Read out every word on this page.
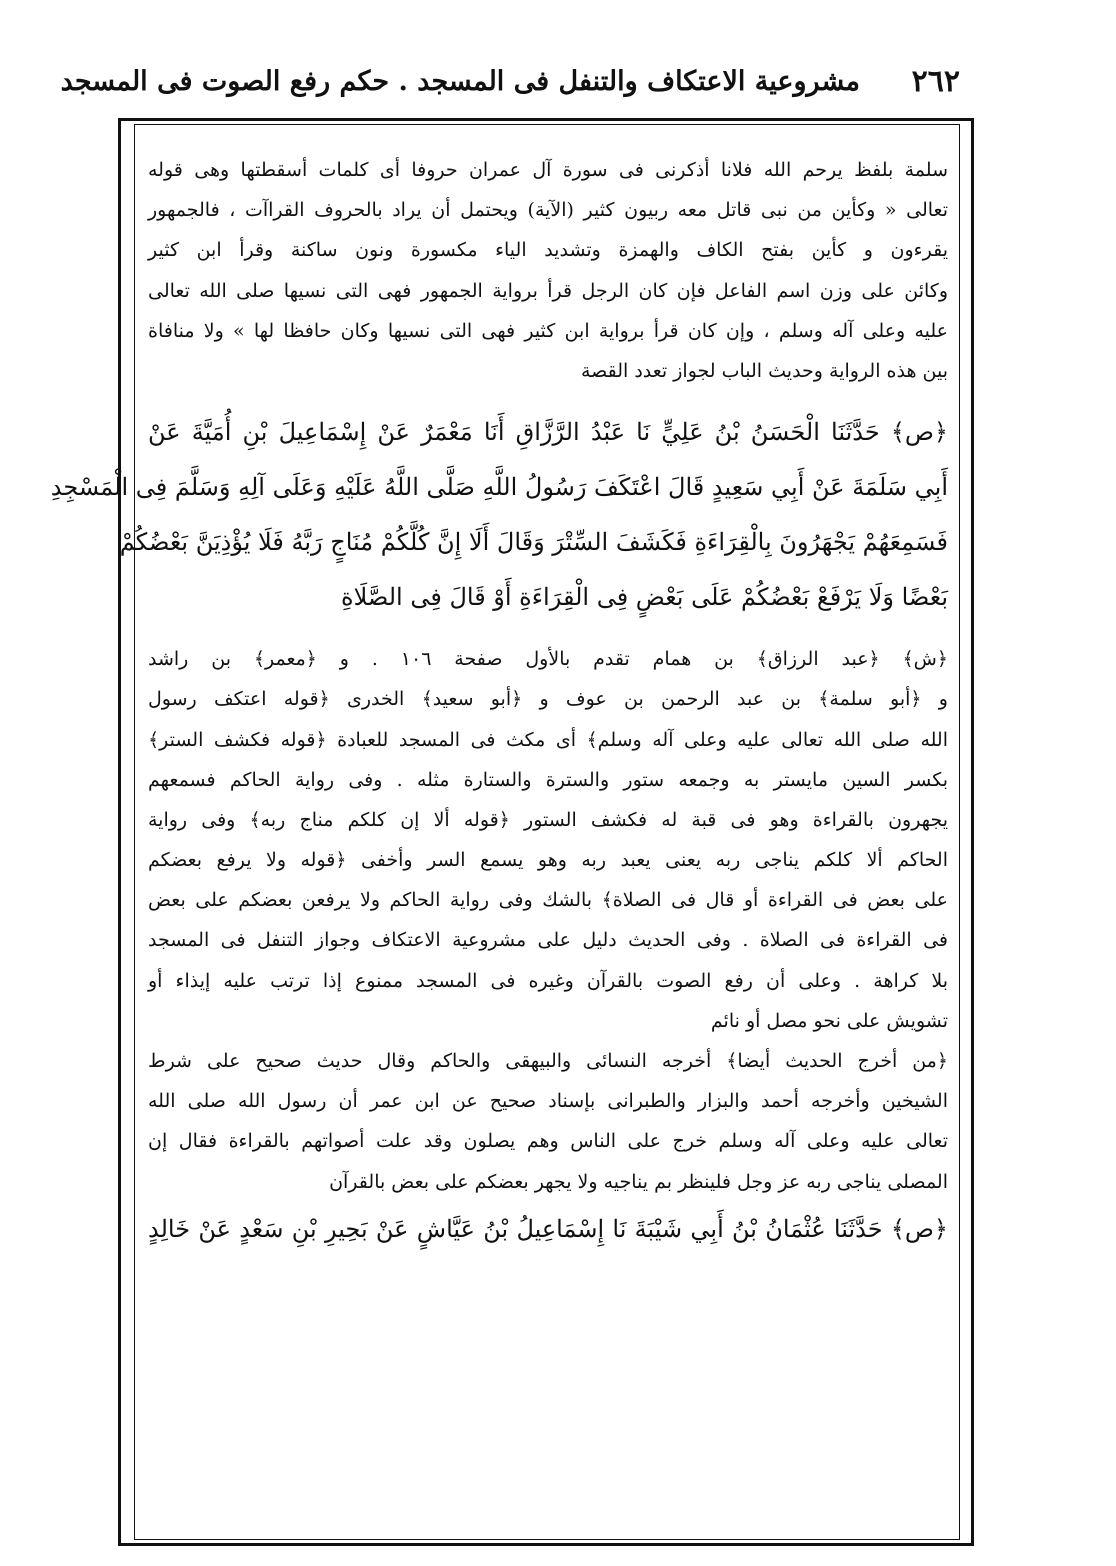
٢٦٢
مشروعية الاعتكاف والتنفل فى المسجد . حكم رفع الصوت فى المسجد
سلمة بلفظ يرحم الله فلانا أذكرنى فى سورة آل عمران حروفا أى كلمات أسقطتها وهى قوله
تعالى « وكأين من نبى قاتل معه ربيون كثير (الآية) ويحتمل أن يراد بالحروف القراآت ، فالجمهور
يقرءون و كأين بفتح الكاف والهمزة وتشديد الياء مكسورة ونون ساكنة وقرأ ابن كثير
وكائن على وزن اسم الفاعل فإن كان الرجل قرأ برواية الجمهور فهى التى نسيها صلى الله تعالى
عليه وعلى آله وسلم ، وإن كان قرأ برواية ابن كثير فهى التى نسيها وكان حافظا لها » ولا منافاة
بين هذه الرواية وحديث الباب لجواز تعدد القصة
﴿ص﴾ حَدَّثَنَا الْحَسَنُ بْنُ عَلِيٍّ نَا عَبْدُ الرَّزَّاقِ أَنَا مَعْمَرٌ عَنْ إِسْمَاعِيلَ بْنِ أُمَيَّةَ عَنْ
أَبِي سَلَمَةَ عَنْ أَبِي سَعِيدٍ قَالَ اعْتَكَفَ رَسُولُ اللَّهِ صَلَّى اللَّهُ عَلَيْهِ وَعَلَى آلِهِ وَسَلَّمَ فِى الْمَسْجِدِ
فَسَمِعَهُمْ يَجْهَرُونَ بِالْقِرَاءَةِ فَكَشَفَ السِّتْرَ وَقَالَ أَلَا إِنَّ كُلَّكُمْ مُنَاجٍ رَبَّهُ فَلَا يُؤْذِيَنَّ بَعْضُكُمْ
بَعْضًا وَلَا يَرْفَعْ بَعْضُكُمْ عَلَى بَعْضٍ فِى الْقِرَاءَةِ أَوْ قَالَ فِى الصَّلَاةِ
﴿ش﴾ ﴿عبد الرزاق﴾ بن همام تقدم بالأول صفحة ١٠٦ . و ﴿معمر﴾ بن راشد
و ﴿أبو سلمة﴾ بن عبد الرحمن بن عوف و ﴿أبو سعيد﴾ الخدرى ﴿قوله اعتكف رسول
الله صلى الله تعالى عليه وعلى آله وسلم﴾ أى مكث فى المسجد للعبادة ﴿قوله فكشف الستر﴾
بكسر السين مايستر به وجمعه ستور والسترة والستارة مثله . وفى رواية الحاكم فسمعهم
يجهرون بالقراءة وهو فى قبة له فكشف الستور ﴿قوله ألا إن كلكم مناج ربه﴾ وفى رواية
الحاكم ألا كلكم يناجى ربه يعنى يعبد ربه وهو يسمع السر وأخفى ﴿قوله ولا يرفع بعضكم
على بعض فى القراءة أو قال فى الصلاة﴾ بالشك وفى رواية الحاكم ولا يرفعن بعضكم على بعض
فى القراءة فى الصلاة . وفى الحديث دليل على مشروعية الاعتكاف وجواز التنفل فى المسجد
بلا كراهة . وعلى أن رفع الصوت بالقرآن وغيره فى المسجد ممنوع إذا ترتب عليه إيذاء أو
تشويش على نحو مصل أو نائم
﴿من أخرج الحديث أيضا﴾ أخرجه النسائى والبيهقى والحاكم وقال حديث صحيح على شرط
الشيخين وأخرجه أحمد والبزار والطبرانى بإسناد صحيح عن ابن عمر أن رسول الله صلى الله
تعالى عليه وعلى آله وسلم خرج على الناس وهم يصلون وقد علت أصواتهم بالقراءة فقال إن
المصلى يناجى ربه عز وجل فلينظر بم يناجيه ولا يجهر بعضكم على بعض بالقرآن
﴿ص﴾ حَدَّثَنَا عُثْمَانُ بْنُ أَبِي شَيْبَةَ نَا إِسْمَاعِيلُ بْنُ عَيَّاشٍ عَنْ بَحِيرِ بْنِ سَعْدٍ عَنْ خَالِدٍ
